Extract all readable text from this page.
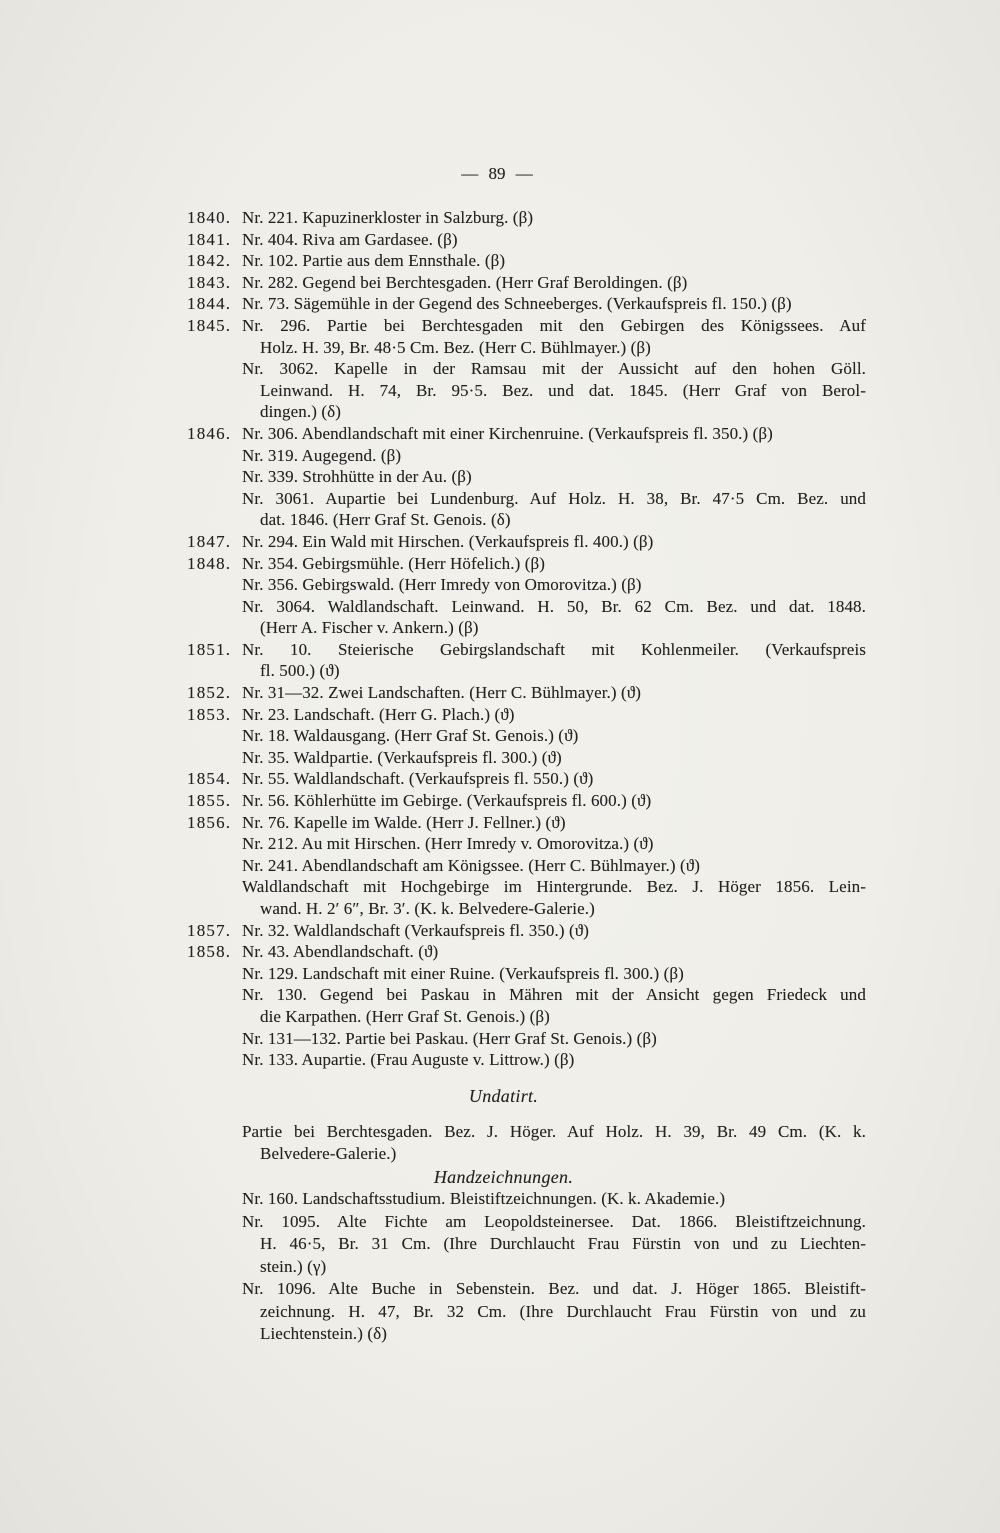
— 89 —
1840. Nr. 221. Kapuzinerkloster in Salzburg. (β)
1841. Nr. 404. Riva am Gardasee. (β)
1842. Nr. 102. Partie aus dem Ennsthale. (β)
1843. Nr. 282. Gegend bei Berchtesgaden. (Herr Graf Beroldingen. (β)
1844. Nr. 73. Sägemühle in der Gegend des Schneeberges. (Verkaufspreis fl. 150.) (β)
1845. Nr. 296. Partie bei Berchtesgaden mit den Gebirgen des Königssees. Auf
Holz. H. 39, Br. 48·5 Cm. Bez. (Herr C. Bühlmayer.) (β)
Nr. 3062. Kapelle in der Ramsau mit der Aussicht auf den hohen Göll.
Leinwand. H. 74, Br. 95·5. Bez. und dat. 1845. (Herr Graf von Berol-
dingen.) (δ)
1846. Nr. 306. Abendlandschaft mit einer Kirchenruine. (Verkaufspreis fl. 350.) (β)
Nr. 319. Augegend. (β)
Nr. 339. Strohhütte in der Au. (β)
Nr. 3061. Aupartie bei Lundenburg. Auf Holz. H. 38, Br. 47·5 Cm. Bez. und
dat. 1846. (Herr Graf St. Genois. (δ)
1847. Nr. 294. Ein Wald mit Hirschen. (Verkaufspreis fl. 400.) (β)
1848. Nr. 354. Gebirgsmühle. (Herr Höfelich.) (β)
Nr. 356. Gebirgswald. (Herr Imredy von Omorovitza.) (β)
Nr. 3064. Waldlandschaft. Leinwand. H. 50, Br. 62 Cm. Bez. und dat. 1848.
(Herr A. Fischer v. Ankern.) (β)
1851. Nr. 10. Steierische Gebirgslandschaft mit Kohlenmeiler. (Verkaufspreis
fl. 500.) (ϑ)
1852. Nr. 31—32. Zwei Landschaften. (Herr C. Bühlmayer.) (ϑ)
1853. Nr. 23. Landschaft. (Herr G. Plach.) (ϑ)
Nr. 18. Waldausgang. (Herr Graf St. Genois.) (ϑ)
Nr. 35. Waldpartie. (Verkaufspreis fl. 300.) (ϑ)
1854. Nr. 55. Waldlandschaft. (Verkaufspreis fl. 550.) (ϑ)
1855. Nr. 56. Köhlerhütte im Gebirge. (Verkaufspreis fl. 600.) (ϑ)
1856. Nr. 76. Kapelle im Walde. (Herr J. Fellner.) (ϑ)
Nr. 212. Au mit Hirschen. (Herr Imredy v. Omorovitza.) (ϑ)
Nr. 241. Abendlandschaft am Königssee. (Herr C. Bühlmayer.) (ϑ)
Waldlandschaft mit Hochgebirge im Hintergrunde. Bez. J. Höger 1856. Lein-
wand. H. 2′ 6″, Br. 3′. (K. k. Belvedere-Galerie.)
1857. Nr. 32. Waldlandschaft (Verkaufspreis fl. 350.) (ϑ)
1858. Nr. 43. Abendlandschaft. (ϑ)
Nr. 129. Landschaft mit einer Ruine. (Verkaufspreis fl. 300.) (β)
Nr. 130. Gegend bei Paskau in Mähren mit der Ansicht gegen Friedeck und
die Karpathen. (Herr Graf St. Genois.) (β)
Nr. 131—132. Partie bei Paskau. (Herr Graf St. Genois.) (β)
Nr. 133. Aupartie. (Frau Auguste v. Littrow.) (β)
Undatirt.
Partie bei Berchtesgaden. Bez. J. Höger. Auf Holz. H. 39, Br. 49 Cm. (K. k.
Belvedere-Galerie.)
Handzeichnungen.
Nr. 160. Landschaftsstudium. Bleistiftzeichnungen. (K. k. Akademie.)
Nr. 1095. Alte Fichte am Leopoldsteinersee. Dat. 1866. Bleistiftzeichnung.
H. 46·5, Br. 31 Cm. (Ihre Durchlaucht Frau Fürstin von und zu Liechten-
stein.) (γ)
Nr. 1096. Alte Buche in Sebenstein. Bez. und dat. J. Höger 1865. Bleistift-
zeichnung. H. 47, Br. 32 Cm. (Ihre Durchlaucht Frau Fürstin von und zu
Liechtenstein.) (δ)
